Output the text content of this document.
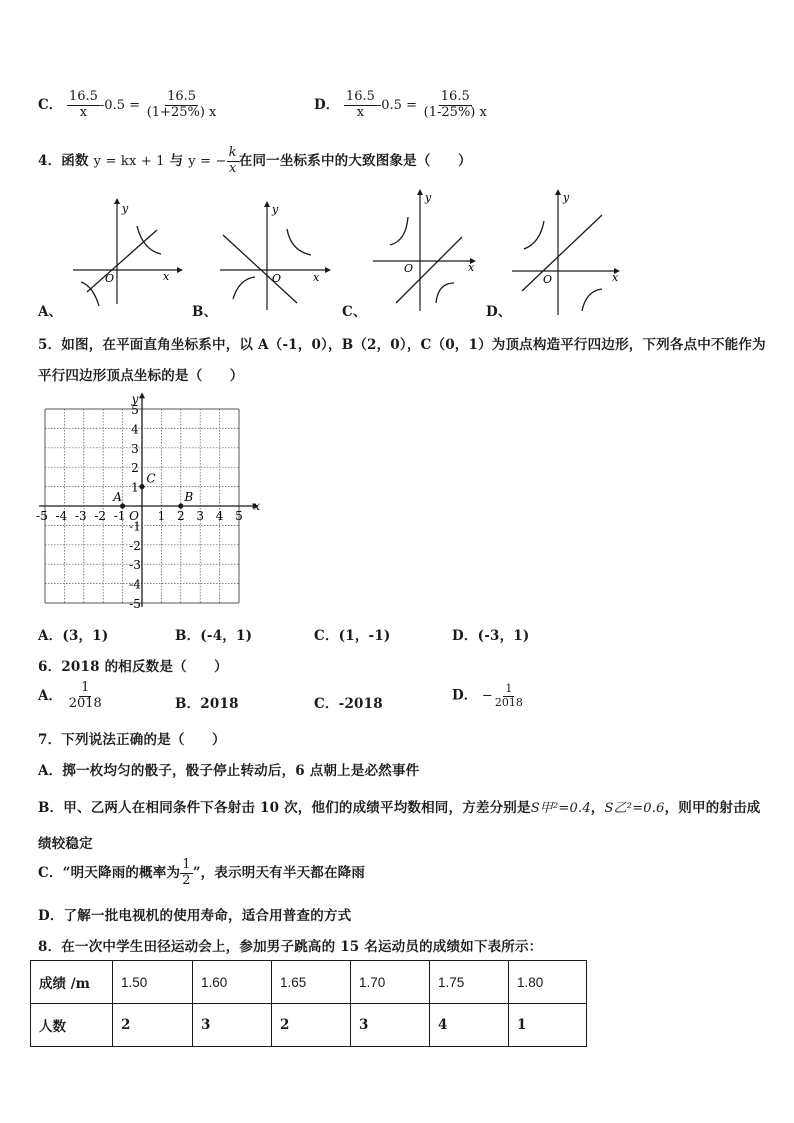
C． $\frac{16.5}{x} -0.5 = \frac{16.5}{(1+25\%) x}$	D． $\frac{16.5}{x} -0.5 = \frac{16.5}{(1-25\%) x}$
4．函数 y = kx + 1 与 y = − $\frac{k}{x}$ 在同一坐标系中的大致图象是（　　）
x
y
O
A、
x
y
O
B、
x
y
O
C、
x
y
O
D、
5．如图，在平面直角坐标系中，以 A（-1，0），B（2，0），C（0，1）为顶点构造平行四边形，下列各点中不能作为
平行四边形顶点坐标的是（　　）
-5 -4 -3 -2 -1 O 1 2 3 4 5
5
4
3
2
1
-1
-2
-3
-4
-5
x
y
A	B
C
A．(3，1)	B．(-4，1)	C．(1，-1)	D．(-3，1)
6．2018 的相反数是（　　）
A． $\frac{1}{2018}$	B．2018	C．-2018
D． − $\frac{1}{2018}$
7．下列说法正确的是（　　）
A．掷一枚均匀的骰子，骰子停止转动后，6 点朝上是必然事件
B．甲、乙两人在相同条件下各射击 10 次，他们的成绩平均数相同，方差分别是S甲²=0.4，S乙²=0.6，则甲的射击成
绩较稳定
C．“明天降雨的概率为 $\frac{1}{2}$ ”，表示明天有半天都在降雨
D．了解一批电视机的使用寿命，适合用普查的方式
8．在一次中学生田径运动会上，参加男子跳高的 15 名运动员的成绩如下表所示：
成绩 /m	1.50	1.60	1.65	1.70	1.75	1.80
人数	2	3	2	3	4	1
